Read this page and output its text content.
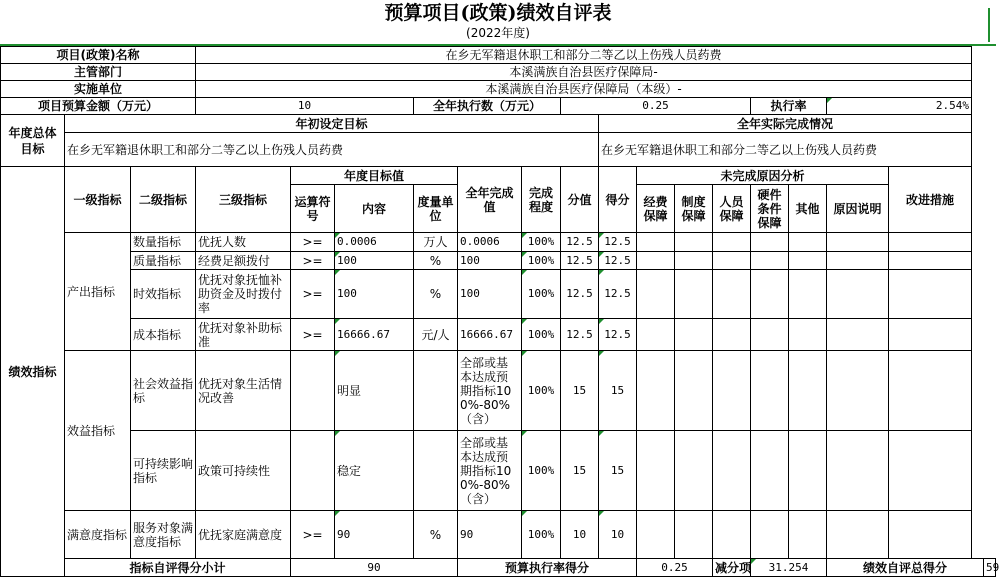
预算项目(政策)绩效自评表
(2022年度)
项目(政策)名称			在乡无军籍退休职工和部分二等乙以上伤残人员药费															
主管部门			本溪满族自治县医疗保障局-															
实施单位			本溪满族自治县医疗保障局（本级）-															
项目预算金额（万元）			10			全年执行数（万元）			0.25					执行率		2.54%		
年度总体目标	年初设定目标									全年实际完成情况								
	在乡无军籍退休职工和部分二等乙以上伤残人员药费									在乡无军籍退休职工和部分二等乙以上伤残人员药费								
绩效指标	一级指标	二级指标	三级指标	年度目标值			全年完成值	完成程度	分值	得分	未完成原因分析						改进措施	
				运算符号	内容	度量单位					经费保障	制度保障	人员保障	硬件条件保障	其他	原因说明		
	产出指标	数量指标	优抚人数	>=	0.0006	万人	0.0006	100%	12.5	12.5								
		质量指标	经费足额拨付	>=	100	%	100	100%	12.5	12.5								
		时效指标	优抚对象抚恤补助资金及时拨付率	>=	100	%	100	100%	12.5	12.5								
		成本指标	优抚对象补助标准	>=	16666.67	元/人	16666.67	100%	12.5	12.5								
	效益指标	社会效益指标	优抚对象生活情况改善		明显		全部或基本达成预期指标100%-80%（含）	100%	15	15								
		可持续影响指标	政策可持续性		稳定		全部或基本达成预期指标100%-80%（含）	100%	15	15								
	满意度指标	服务对象满意度指标	优抚家庭满意度	>=	90	%	90	100%	10	10								
	指标自评得分小计			90			预算执行率得分				0.25		减分项	31.254		绩效自评总得分		59
